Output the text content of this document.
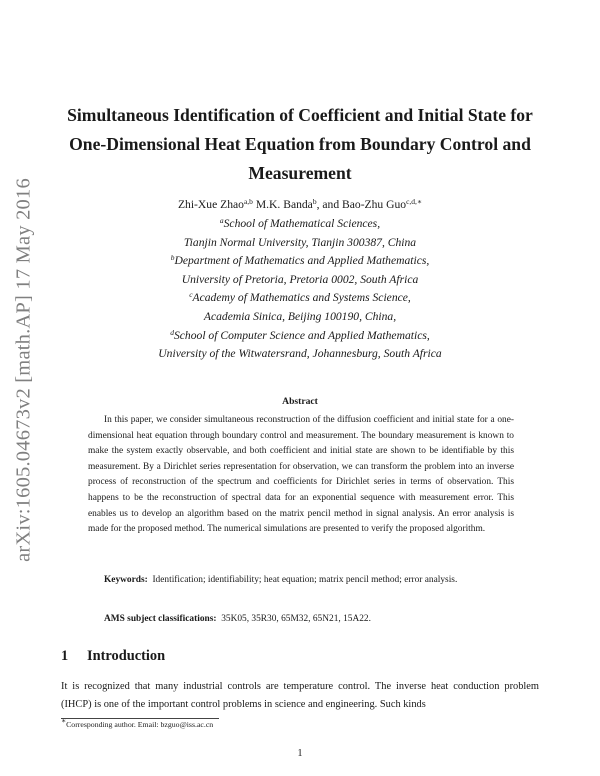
arXiv:1605.04673v2 [math.AP] 17 May 2016
Simultaneous Identification of Coefficient and Initial State for One-Dimensional Heat Equation from Boundary Control and Measurement
Zhi-Xue Zhao$^{a,b}$ M.K. Banda$^b$, and Bao-Zhu Guo$^{c,d,∗}$
$^a$School of Mathematical Sciences,
Tianjin Normal University, Tianjin 300387, China
$^b$Department of Mathematics and Applied Mathematics,
University of Pretoria, Pretoria 0002, South Africa
$^c$Academy of Mathematics and Systems Science,
Academia Sinica, Beijing 100190, China,
$^d$School of Computer Science and Applied Mathematics,
University of the Witwatersrand, Johannesburg, South Africa
Abstract

In this paper, we consider simultaneous reconstruction of the diffusion coefficient and initial state for a one-dimensional heat equation through boundary control and measurement. The boundary measurement is known to make the system exactly observable, and both coefficient and initial state are shown to be identifiable by this measurement. By a Dirichlet series representation for observation, we can transform the problem into an inverse process of reconstruction of the spectrum and coefficients for Dirichlet series in terms of observation. This happens to be the reconstruction of spectral data for an exponential sequence with measurement error. This enables us to develop an algorithm based on the matrix pencil method in signal analysis. An error analysis is made for the proposed method. The numerical simulations are presented to verify the proposed algorithm.

Keywords: Identification; identifiability; heat equation; matrix pencil method; error analysis.

AMS subject classifications: 35K05, 35R30, 65M32, 65N21, 15A22.

1 Introduction

It is recognized that many industrial controls are temperature control. The inverse heat conduction problem (IHCP) is one of the important control problems in science and engineering. Such kinds

∗Corresponding author. Email: bzguo@iss.ac.cn
1
